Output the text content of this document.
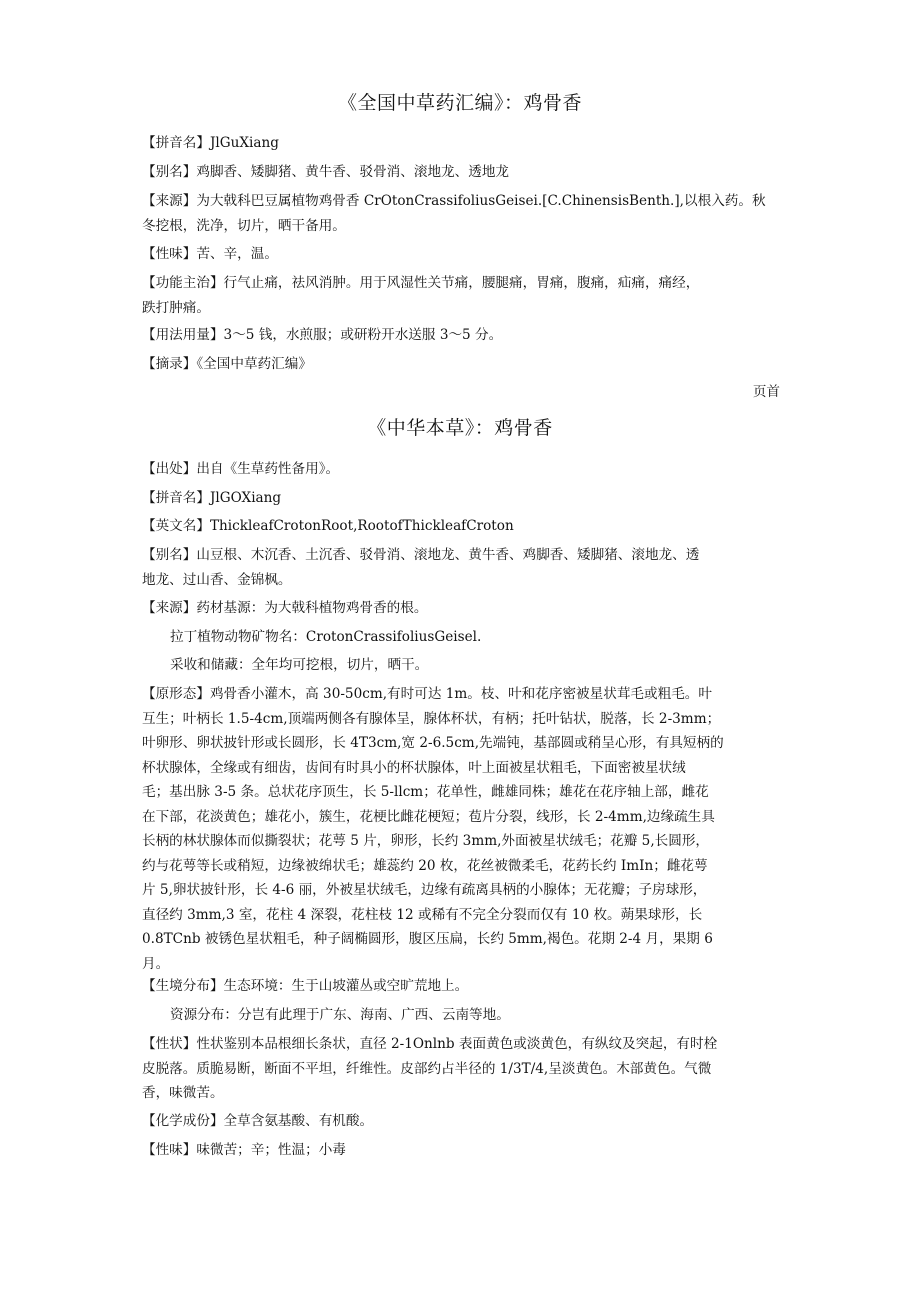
《全国中草药汇编》：鸡骨香
【拼音名】JlGuXiang
【别名】鸡脚香、矮脚猪、黄牛香、驳骨消、滚地龙、透地龙
【来源】为大戟科巴豆属植物鸡骨香 CrOtonCrassifoliusGeisei.[C.ChinensisBenth.],以根入药。秋
冬挖根，洗净，切片，晒干备用。
【性味】苦、辛，温。
【功能主治】行气止痛，祛风消肿。用于风湿性关节痛，腰腿痛，胃痛，腹痛，疝痛，痛经，
跌打肿痛。
【用法用量】3～5 钱，水煎服；或研粉开水送服 3～5 分。
【摘录】《全国中草药汇编》
页首
《中华本草》：鸡骨香
【出处】出自《生草药性备用》。
【拼音名】JlGOXiang
【英文名】ThickleafCrotonRoot,RootofThickleafCroton
【别名】山豆根、木沉香、土沉香、驳骨消、滚地龙、黄牛香、鸡脚香、矮脚猪、滚地龙、透
地龙、过山香、金锦枫。
【来源】药材基源：为大戟科植物鸡骨香的根。
拉丁植物动物矿物名：CrotonCrassifoliusGeisel.
采收和储藏：全年均可挖根，切片，晒干。
【原形态】鸡骨香小灌木，高 30-50cm,有时可达 1m。枝、叶和花序密被星状茸毛或粗毛。叶
互生；叶柄长 1.5-4cm,顶端两侧各有腺体呈，腺体杯状，有柄；托叶钻状，脱落，长 2-3mm；
叶卵形、卵状披针形或长圆形，长 4T3cm,宽 2-6.5cm,先端钝，基部圆或稍呈心形，有具短柄的
杯状腺体，全缘或有细齿，齿间有时具小的杯状腺体，叶上面被星状粗毛，下面密被星状绒
毛；基出脉 3-5 条。总状花序顶生，长 5-llcm；花单性，雌雄同株；雄花在花序轴上部，雌花
在下部，花淡黄色；雄花小，簇生，花梗比雌花梗短；苞片分裂，线形，长 2-4mm,边缘疏生具
长柄的林状腺体而似撕裂状；花萼 5 片，卵形，长约 3mm,外面被星状绒毛；花瓣 5,长圆形，
约与花萼等长或稍短，边缘被绵状毛；雄蕊约 20 枚，花丝被微柔毛，花药长约 ImIn；雌花萼
片 5,卵状披针形，长 4-6 丽，外被星状绒毛，边缘有疏离具柄的小腺体；无花瓣；子房球形，
直径约 3mm,3 室，花柱 4 深裂，花柱枝 12 或稀有不完全分裂而仅有 10 枚。蒴果球形，长
0.8TCnb 被锈色星状粗毛，种子阔椭圆形，腹区压扁，长约 5mm,褐色。花期 2-4 月，果期 6
月。
【生境分布】生态环境：生于山坡灌丛或空旷荒地上。
资源分布：分岂有此理于广东、海南、广西、云南等地。
【性状】性状鉴别本品根细长条状，直径 2-1Onlnb 表面黄色或淡黄色，有纵纹及突起，有时栓
皮脱落。质脆易断，断面不平坦，纤维性。皮部约占半径的 1/3T/4,呈淡黄色。木部黄色。气微
香，味微苦。
【化学成份】全草含氨基酸、有机酸。
【性味】味微苦；辛；性温；小毒
